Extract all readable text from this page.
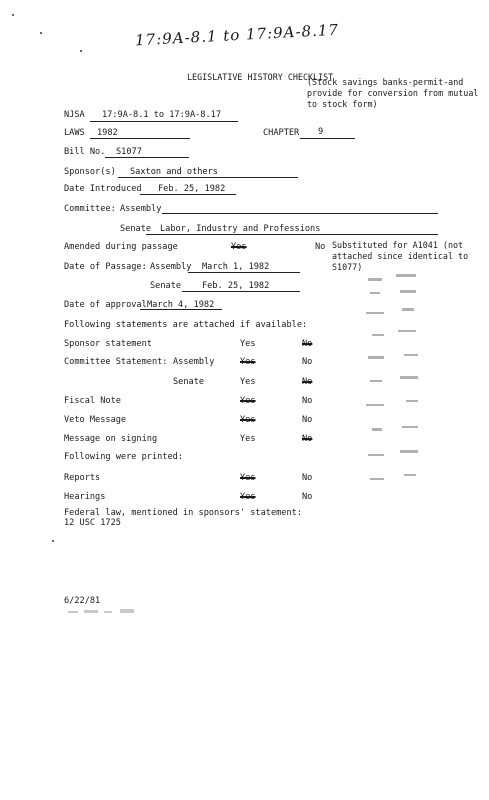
17:9A-8.1 to 17:9A-8.17
LEGISLATIVE HISTORY CHECKLIST
(Stock savings banks-permit-and provide for conversion from mutual to stock form)
NJSA 17:9A-8.1 to 17:9A-8.17
LAWS 1982	CHAPTER 9
Bill No. S1077
Sponsor(s) Saxton and others
Date Introduced Feb. 25, 1982
Committee: Assembly
Senate Labor, Industry and Professions
Amended during passage	Yes	No Substituted for A1041 (not attached since identical to S1077)
Date of Passage: Assembly March 1, 1982
Senate Feb. 25, 1982
Date of approval March 4, 1982
Following statements are attached if available:
Sponsor statement	Yes	No
Committee Statement: Assembly	Yes	No
Senate	Yes	No
Fiscal Note	Yes	No
Veto Message	Yes	No
Message on signing	Yes	No
Following were printed:
Reports	Yes	No
Hearings	Yes	No
Federal law, mentioned in sponsors' statement:
12 USC 1725
6/22/81
